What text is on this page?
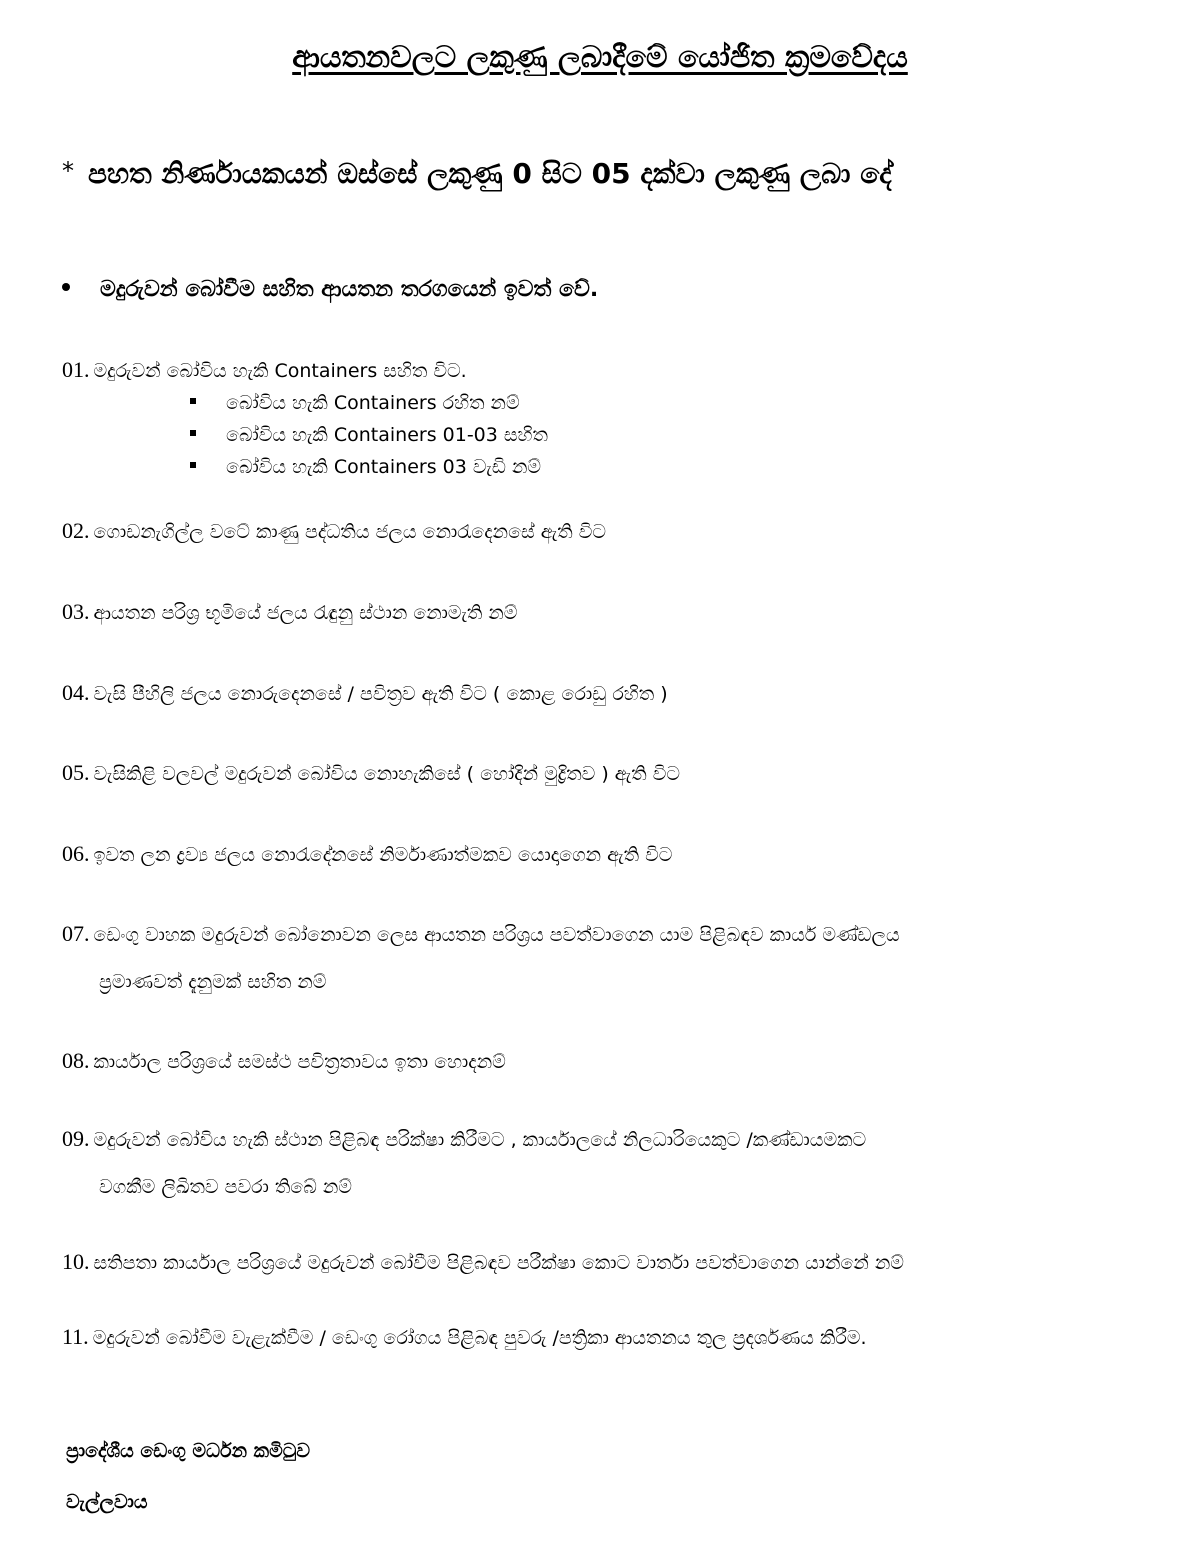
ආයතනවලට ලකුණු ලබාදීමේ යෝජිත ක්‍රමවේදය
* පහත නිර්ණායකයන් ඔස්සේ ලකුණු 0 සිට 05 දක්වා ලකුණු ලබා දේ
මදුරුවන් බෝවීම සහිත ආයතන තරගයෙන් ඉවත් වේ.
01. මදුරුවන් බෝවිය හැකි Containers සහිත විට.
බෝවිය හැකි Containers රහිත නම්
බෝවිය හැකි Containers 01-03 සහිත
බෝවිය හැකි Containers 03 වැඩි නම්
02. ගොඩනැගිල්ල වටේ කාණු පද්ධතිය ජලය නොරැදෙනසේ ඇති විට
03. ආයතන පරිශ්‍ර භූමියේ ජලය රැඳුනු ස්ථාන නොමැති නම්
04. වැසි පීහිලි ජලය නොරුදෙනසේ / පවිත්‍රව ඇති විට ( කොළ රොඩු රහිත )
05. වැසිකිළි වලවල් මදුරුවන් බෝවිය නොහැකිසේ ( හෝදින් මුද්‍රිතව ) ඇති විට
06. ඉවත ලන ද්‍රව්‍ය ජලය නොරැදේනසේ නිර්මාණාත්මකව යොදාගෙන ඇති විට
07. ඩෙංගු වාහක මදුරුවන් බෝනොවන ලෙස ආයතන පරිශ්‍රය පවත්වාගෙන යාම පිළිබඳව කාර්ය මණ්ඩලය
ප්‍රමාණවත් දැනුමක් සහිත නම්
08. කාර්යාල පරිශ්‍රයේ සමස්ථ පවිත්‍රතාවය ඉතා හොදනම්
09. මදුරුවන් බෝවිය හැකි ස්ථාන පිළිබඳ පරික්ෂා කිරීමට , කාර්යාලයේ නිලධාරියෙකුට /කණ්ඩායමකට
වගකීම ලිඛිතව පවරා තිබේ නම්
10. සතිපතා කාර්යාල පරිශ්‍රයේ මදුරුවන් බෝවීම පිළිබඳව පරීක්ෂා කොට වාර්තා පවත්වාගෙන යාන්නේ නම්
11. මදුරුවන් බෝවීම වැළැක්වීම / ඩෙංගු රෝගය පිළිබඳ පුවරු /පත්‍රිකා ආයතනය තුල ප්‍රදර්ශණය කිරීම.
ප්‍රාදේශීය ඩෙංගු මර්ධන කමිටුව
වැල්ලවාය
